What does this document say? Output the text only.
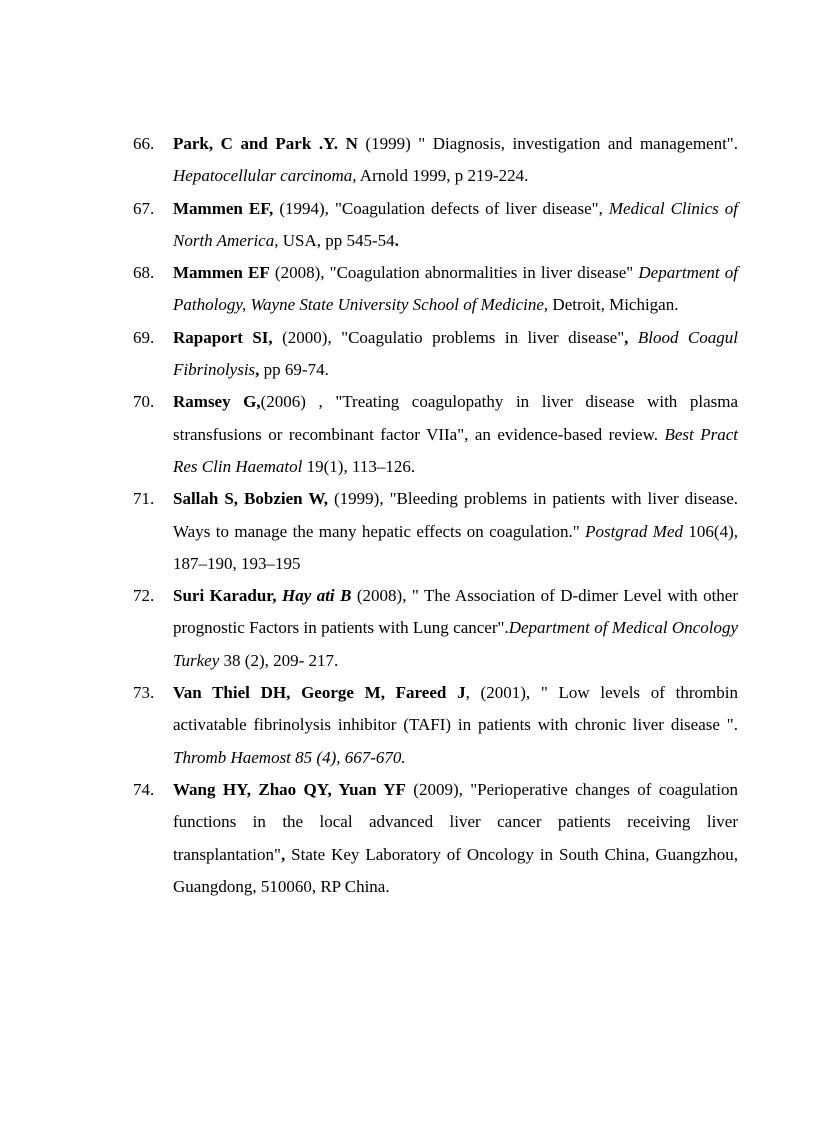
66. Park, C and Park .Y. N (1999) " Diagnosis, investigation and management". Hepatocellular carcinoma, Arnold 1999, p 219-224.
67. Mammen EF, (1994), "Coagulation defects of liver disease", Medical Clinics of North America, USA, pp 545-54.
68. Mammen EF (2008), "Coagulation abnormalities in liver disease" Department of Pathology, Wayne State University School of Medicine, Detroit, Michigan.
69. Rapaport SI, (2000), "Coagulatio problems in liver disease", Blood Coagul Fibrinolysis, pp 69-74.
70. Ramsey G,(2006) , "Treating coagulopathy in liver disease with plasma stransfusions or recombinant factor VIIa", an evidence-based review. Best Pract Res Clin Haematol 19(1), 113–126.
71. Sallah S, Bobzien W, (1999), "Bleeding problems in patients with liver disease. Ways to manage the many hepatic effects on coagulation." Postgrad Med 106(4), 187–190, 193–195
72. Suri Karadur, Hay ati B (2008), " The Association of D-dimer Level with other prognostic Factors in patients with Lung cancer".Department of Medical Oncology Turkey 38 (2), 209- 217.
73. Van Thiel DH, George M, Fareed J, (2001), " Low levels of thrombin activatable fibrinolysis inhibitor (TAFI) in patients with chronic liver disease ". Thromb Haemost 85 (4), 667-670.
74. Wang HY, Zhao QY, Yuan YF (2009), "Perioperative changes of coagulation functions in the local advanced liver cancer patients receiving liver transplantation", State Key Laboratory of Oncology in South China, Guangzhou, Guangdong, 510060, RP China.
